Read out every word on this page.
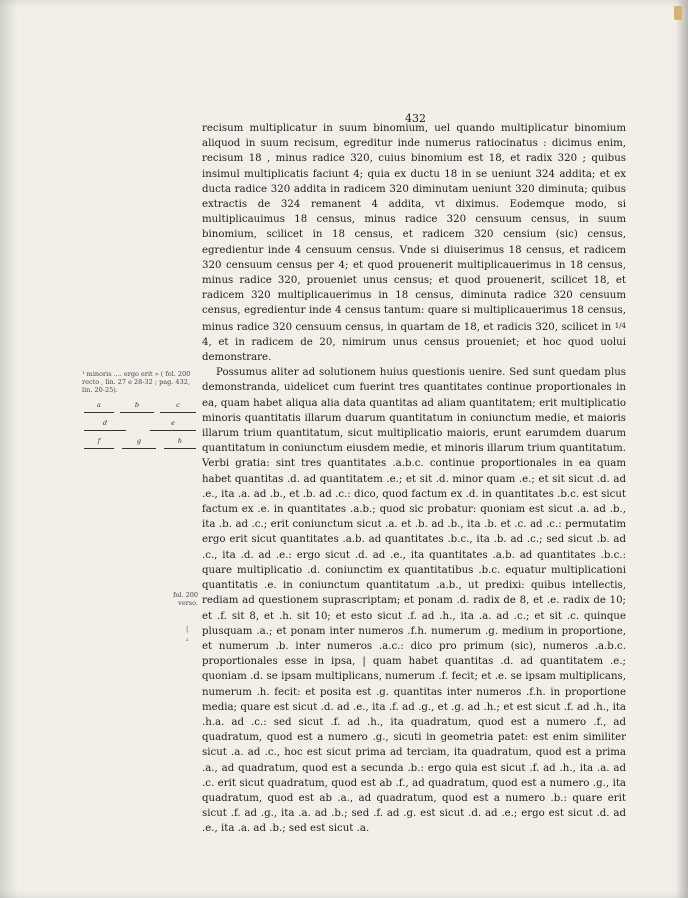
432

recisum multiplicatur in suum binomium, uel quando multiplicatur binomium aliquod in suum recisum, egreditur inde numerus ratiocinatus : dicimus enim, recisum 18 , minus radice 320, cuius binomium est 18, et radix 320 ; quibus insimul multiplicatis faciunt 4; quia ex ductu 18 in se ueniunt 324 addita; et ex ducta radice 320 addita in radicem 320 diminutam ueniunt 320 diminuta; quibus extractis de 324 remanent 4 addita, vt diximus. Eodemque modo, si multiplicauimus 18 census, minus radice 320 censuum census, in suum binomium, scilicet in 18 census, et radicem 320 censium (sic) census, egredientur inde 4 censuum census. Vnde si diuiserimus 18 census, et radicem 320 censuum census per 4; et quod prouenerit multiplicauerimus in 18 census, minus radice 320, proueniet unus census; et quod prouenerit, scilicet 18, et radicem 320 multiplicauerimus in 18 census, diminuta radice 320 censuum census, egredientur inde 4 census tantum: quare si multiplicauerimus 18 census, minus radice 320 censuum census, in quartam de 18, et radicis 320, scilicet in 1/4 4, et in radicem de 20, nimirum unus census proueniet; et hoc quod uolui demonstrare.

Possumus aliter ad solutionem huius questionis uenire. Sed sunt quedam plus demonstranda, uidelicet cum fuerint tres quantitates continue proportionales in ea, quam habet aliqua alia data quantitas ad aliam quantitatem; erit multiplicatio minoris quantitatis illarum duarum quantitatum in coniunctum medie, et maioris illarum trium quantitatum, sicut multiplicatio maioris, erunt earumdem duarum quantitatum in coniunctum eiusdem medie, et minoris illarum trium quantitatum. Verbi gratia: sint tres quantitates .a.b.c. continue proportionales in ea quam habet quantitas .d. ad quantitatem .e.; et sit .d. minor quam .e.; et sit sicut .d. ad .e., ita .a. ad .b., et .b. ad .c.: dico, quod factum ex .d. in quantitates .b.c. est sicut factum ex .e. in quantitates .a.b.; quod sic probatur: quoniam est sicut .a. ad .b., ita .b. ad .c.; erit coniunctum sicut .a. et .b. ad .b., ita .b. et .c. ad .c.: permutatim ergo erit sicut quantitates .a.b. ad quantitates .b.c., ita .b. ad .c.; sed sicut .b. ad .c., ita .d. ad .e.: ergo sicut .d. ad .e., ita quantitates .a.b. ad quantitates .b.c.: quare multiplicatio .d. coniunctim ex quantitatibus .b.c. equatur multiplicationi quantitatis .e. in coniunctum quantitatum .a.b., ut predixi: quibus intellectis, rediam ad questionem suprascriptam; et ponam .d. radix de 8, et .e. radix de 10; et .f. sit 8, et .h. sit 10; et esto sicut .f. ad .h., ita .a. ad .c.; et sit .c. quinque plusquam .a.; et ponam inter numeros .f.h. numerum .g. medium in proportione, et numerum .b. inter numeros .a.c.: dico pro primum (sic), numeros .a.b.c. proportionales esse in ipsa, | quam habet quantitas .d. ad quantitatem .e.; quoniam .d. se ipsam multiplicans, numerum .f. fecit; et .e. se ipsam multiplicans, numerum .h. fecit: et posita est .g. quantitas inter numeros .f.h. in proportione media; quare est sicut .d. ad .e., ita .f. ad .g., et .g. ad .h.; et est sicut .f. ad .h., ita .h.a. ad .c.: sed sicut .f. ad .h., ita quadratum, quod est a numero .f., ad quadratum, quod est a numero .g., sicuti in geometria patet: est enim similiter sicut .a. ad .c., hoc est sicut prima ad terciam, ita quadratum, quod est a prima .a., ad quadratum, quod est a secunda .b.: ergo quia est sicut .f. ad .h., ita .a. ad .c. erit sicut quadratum, quod est ab .f., ad quadratum, quod est a numero .g., ita quadratum, quod est ab .a., ad quadratum, quod est a numero .b.: quare erit sicut .f. ad .g., ita .a. ad .b.; sed .f. ad .g. est sicut .d. ad .e.; ergo est sicut .d. ad .e., ita .a. ad .b.; sed est sicut .a.

¹ minoris .... ergo erit » ( fol. 200 recto , lin. 27 e 28-32 ; pag. 432, lin. 20-25).
a	b	c
d	e
f	g	h
fol. 200 verso.
|
²
